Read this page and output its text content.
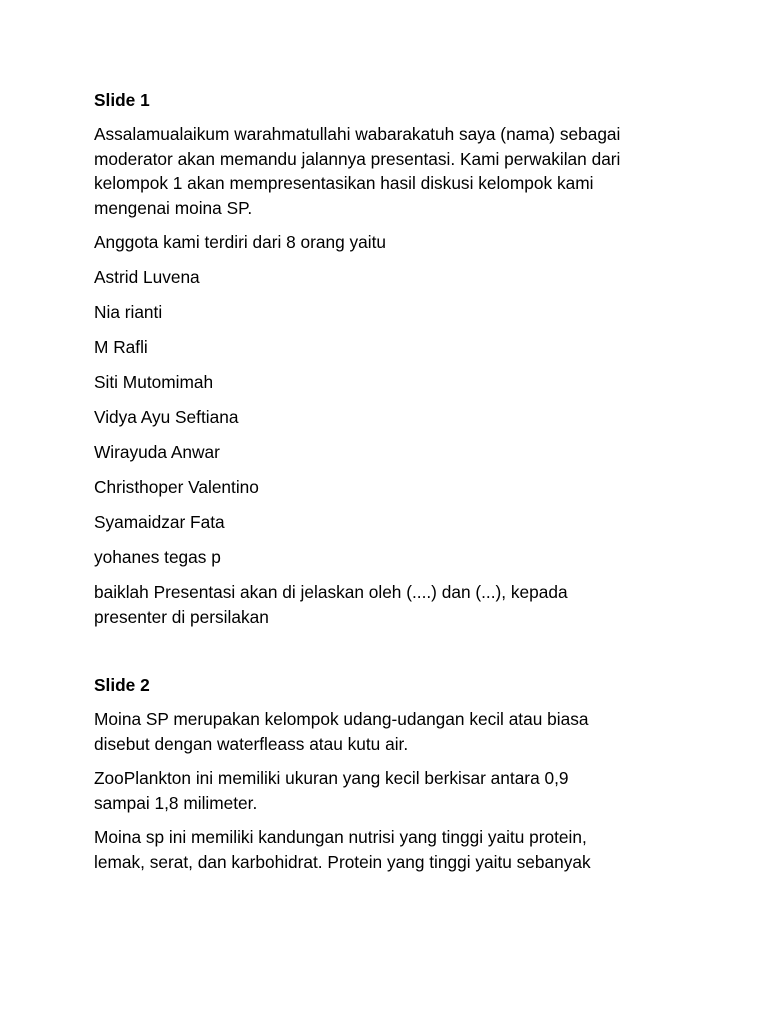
Slide 1
Assalamualaikum warahmatullahi wabarakatuh saya (nama) sebagai
moderator akan memandu jalannya presentasi. Kami perwakilan dari
kelompok 1 akan mempresentasikan hasil diskusi kelompok kami
mengenai moina SP.
Anggota kami terdiri dari 8 orang yaitu
Astrid Luvena
Nia rianti
M Rafli
Siti Mutomimah
Vidya Ayu Seftiana
Wirayuda Anwar
Christhoper Valentino
Syamaidzar Fata
yohanes tegas p
baiklah Presentasi akan di jelaskan oleh (....) dan (...), kepada
presenter di persilakan
Slide 2
Moina SP merupakan kelompok udang-udangan kecil atau biasa
disebut dengan waterfleass atau kutu air.
ZooPlankton ini memiliki ukuran yang kecil berkisar antara 0,9
sampai 1,8 milimeter.
Moina sp ini memiliki kandungan nutrisi yang tinggi yaitu protein,
lemak, serat, dan karbohidrat. Protein yang tinggi yaitu sebanyak
